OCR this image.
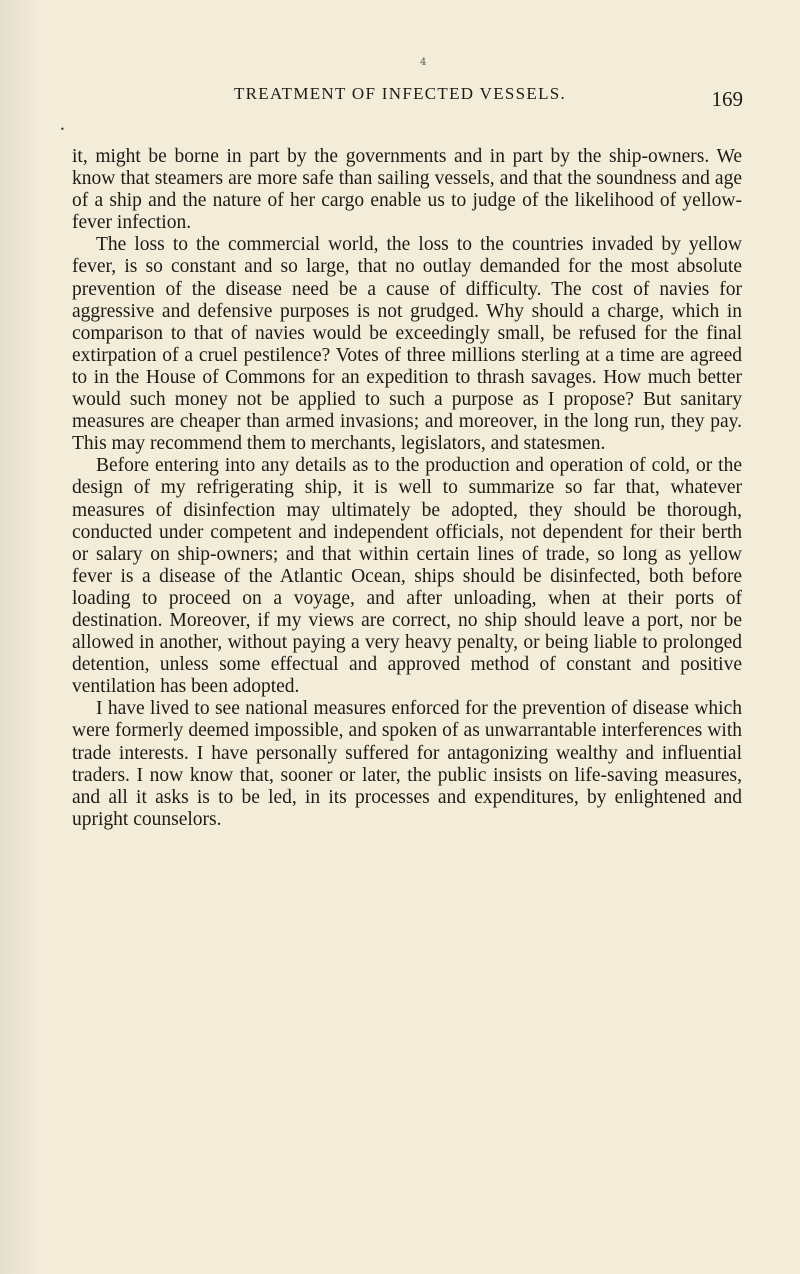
4
TREATMENT OF INFECTED VESSELS.	169
•

it, might be borne in part by the governments and in part by the ship-owners. We know that steamers are more safe than sailing vessels, and that the soundness and age of a ship and the nature of her cargo enable us to judge of the likelihood of yellow-fever infection.

The loss to the commercial world, the loss to the countries invaded by yellow fever, is so constant and so large, that no outlay demanded for the most absolute prevention of the disease need be a cause of difficulty. The cost of navies for aggressive and defensive purposes is not grudged. Why should a charge, which in comparison to that of navies would be exceedingly small, be refused for the final extirpation of a cruel pestilence? Votes of three millions sterling at a time are agreed to in the House of Commons for an expedition to thrash savages. How much better would such money not be applied to such a purpose as I propose? But sanitary measures are cheaper than armed invasions; and moreover, in the long run, they pay. This may recommend them to merchants, legislators, and statesmen.

Before entering into any details as to the production and operation of cold, or the design of my refrigerating ship, it is well to summarize so far that, whatever measures of disinfection may ultimately be adopted, they should be thorough, conducted under competent and independent officials, not dependent for their berth or salary on ship-owners; and that within certain lines of trade, so long as yellow fever is a disease of the Atlantic Ocean, ships should be disinfected, both before loading to proceed on a voyage, and after unloading, when at their ports of destination. Moreover, if my views are correct, no ship should leave a port, nor be allowed in another, without paying a very heavy penalty, or being liable to prolonged detention, unless some effectual and approved method of constant and positive ventilation has been adopted.

I have lived to see national measures enforced for the prevention of disease which were formerly deemed impossible, and spoken of as unwarrantable interferences with trade interests. I have personally suffered for antagonizing wealthy and influential traders. I now know that, sooner or later, the public insists on life-saving measures, and all it asks is to be led, in its processes and expenditures, by enlightened and upright counselors.
